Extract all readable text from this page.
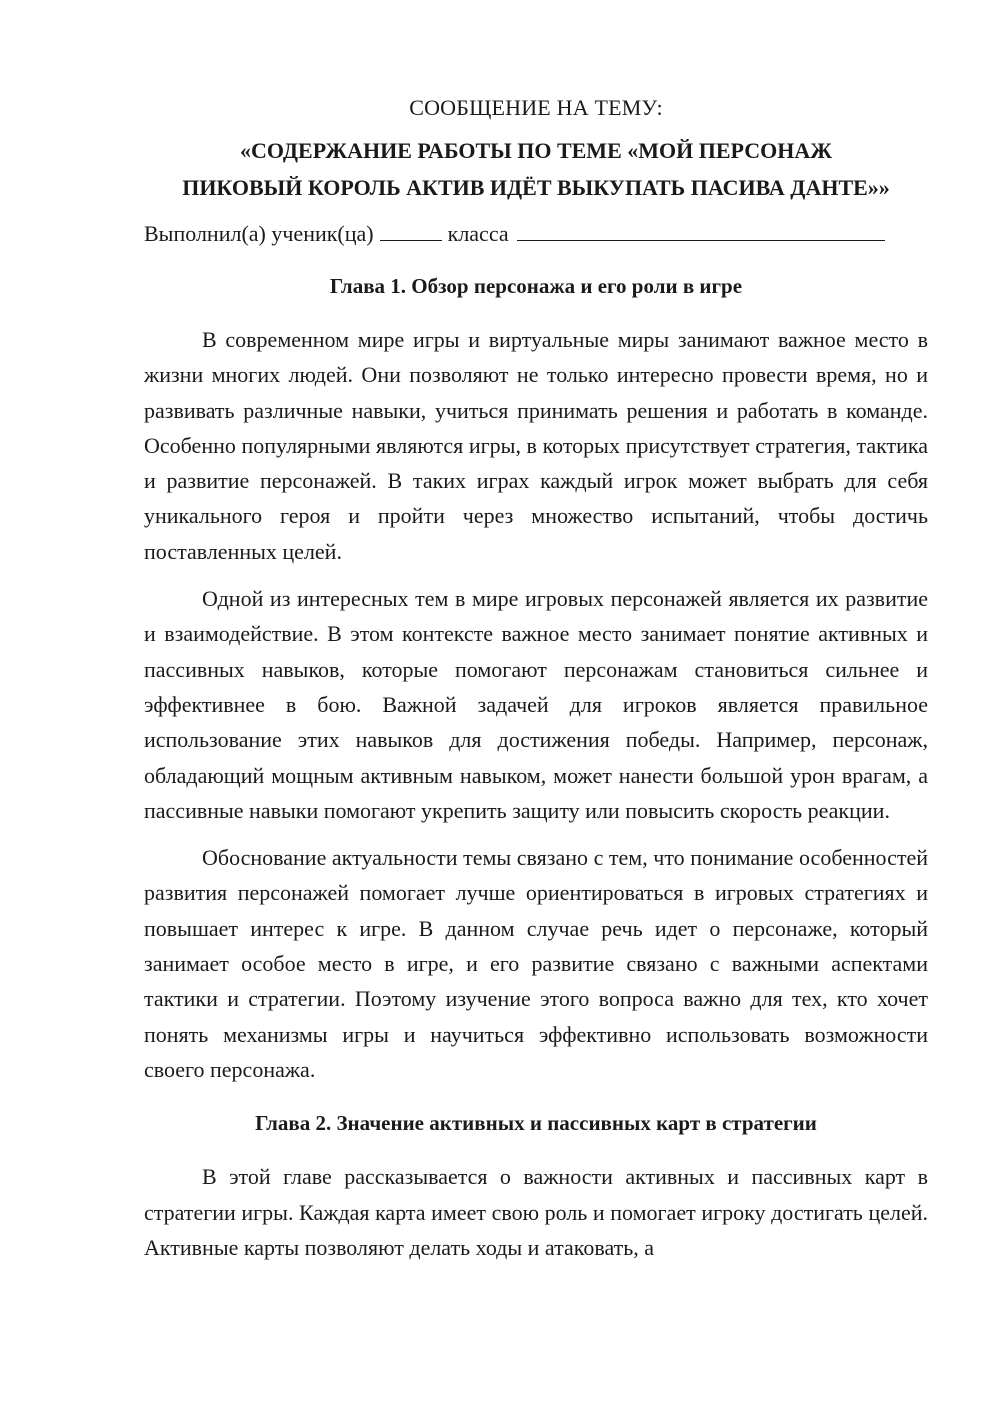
СООБЩЕНИЕ НА ТЕМУ:
«СОДЕРЖАНИЕ РАБОТЫ ПО ТЕМЕ «МОЙ ПЕРСОНАЖ
ПИКОВЫЙ КОРОЛЬ АКТИВ ИДЁТ ВЫКУПАТЬ ПАСИВА ДАНТЕ»»
Выполнил(а) ученик(ца)	класса
Глава 1. Обзор персонажа и его роли в игре

В современном мире игры и виртуальные миры занимают важное место в жизни многих людей. Они позволяют не только интересно провести время, но и развивать различные навыки, учиться принимать решения и работать в команде. Особенно популярными являются игры, в которых присутствует стратегия, тактика и развитие персонажей. В таких играх каждый игрок может выбрать для себя уникального героя и пройти через множество испытаний, чтобы достичь поставленных целей.

Одной из интересных тем в мире игровых персонажей является их развитие и взаимодействие. В этом контексте важное место занимает понятие активных и пассивных навыков, которые помогают персонажам становиться сильнее и эффективнее в бою. Важной задачей для игроков является правильное использование этих навыков для достижения победы. Например, персонаж, обладающий мощным активным навыком, может нанести большой урон врагам, а пассивные навыки помогают укрепить защиту или повысить скорость реакции.

Обоснование актуальности темы связано с тем, что понимание особенностей развития персонажей помогает лучше ориентироваться в игровых стратегиях и повышает интерес к игре. В данном случае речь идет о персонаже, который занимает особое место в игре, и его развитие связано с важными аспектами тактики и стратегии. Поэтому изучение этого вопроса важно для тех, кто хочет понять механизмы игры и научиться эффективно использовать возможности своего персонажа.

Глава 2. Значение активных и пассивных карт в стратегии

В этой главе рассказывается о важности активных и пассивных карт в стратегии игры. Каждая карта имеет свою роль и помогает игроку достигать целей. Активные карты позволяют делать ходы и атаковать, а
